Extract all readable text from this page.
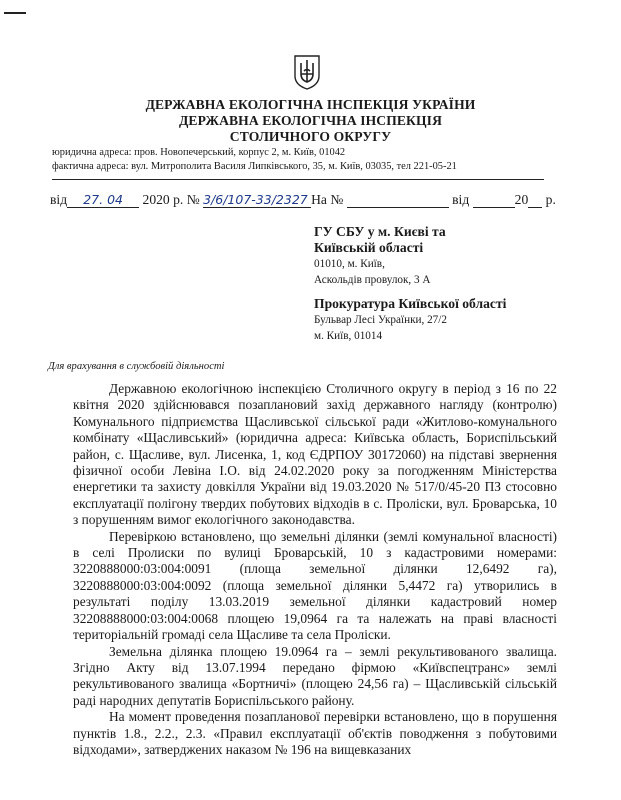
ДЕРЖАВНА ЕКОЛОГІЧНА ІНСПЕКЦІЯ УКРАЇНИ
ДЕРЖАВНА ЕКОЛОГІЧНА ІНСПЕКЦІЯ
СТОЛИЧНОГО ОКРУГУ
юридична адреса: пров. Новопечерський, корпус 2, м. Київ, 01042
фактична адреса: вул. Митрополита Василя Липківського, 35, м. Київ, 03035, тел 221-05-21
від 27. 04 2020 р. № 3/6/107-33/2327 На №	від	20 р.
ГУ СБУ у м. Києві та
Київській області
01010, м. Київ,
Аскольдів провулок, 3 А
Прокуратура Київської області
Бульвар Лесі Українки, 27/2
м. Київ, 01014
Для врахування в службовій діяльності

Державною екологічною інспекцією Столичного округу в період з 16 по 22 квітня 2020 здійснювався позаплановий захід державного нагляду (контролю) Комунального підприємства Щасливської сільської ради «Житлово-комунального комбінату «Щасливський» (юридична адреса: Київська область, Бориспільський район, с. Щасливе, вул. Лисенка, 1, код ЄДРПОУ 30172060) на підставі звернення фізичної особи Левіна І.О. від 24.02.2020 року за погодженням Міністерства енергетики та захисту довкілля України від 19.03.2020 № 517/0/45-20 ПЗ стосовно експлуатації полігону твердих побутових відходів в с. Проліски, вул. Броварська, 10 з порушенням вимог екологічного законодавства.

Перевіркою встановлено, що земельні ділянки (землі комунальної власності) в селі Пролиски по вулиці Броварській, 10 з кадастровими номерами: 3220888000:03:004:0091 (площа земельної ділянки 12,6492 га), 3220888000:03:004:0092 (площа земельної ділянки 5,4472 га) утворились в результаті поділу 13.03.2019 земельної ділянки кадастровий номер 32208888000:03:004:0068 площею 19,0964 га та належать на праві власності територіальній громаді села Щасливе та села Проліски.

Земельна ділянка площею 19.0964 га – землі рекультивованого звалища. Згідно Акту від 13.07.1994 передано фірмою «Київспецтранс» землі рекультивованого звалища «Бортничі» (площею 24,56 га) – Щасливській сільській раді народних депутатів Бориспільського району.

На момент проведення позапланової перевірки встановлено, що в порушення пунктів 1.8., 2.2., 2.3. «Правил експлуатації об'єктів поводження з побутовими відходами», затверджених наказом № 196 на вищевказаних
